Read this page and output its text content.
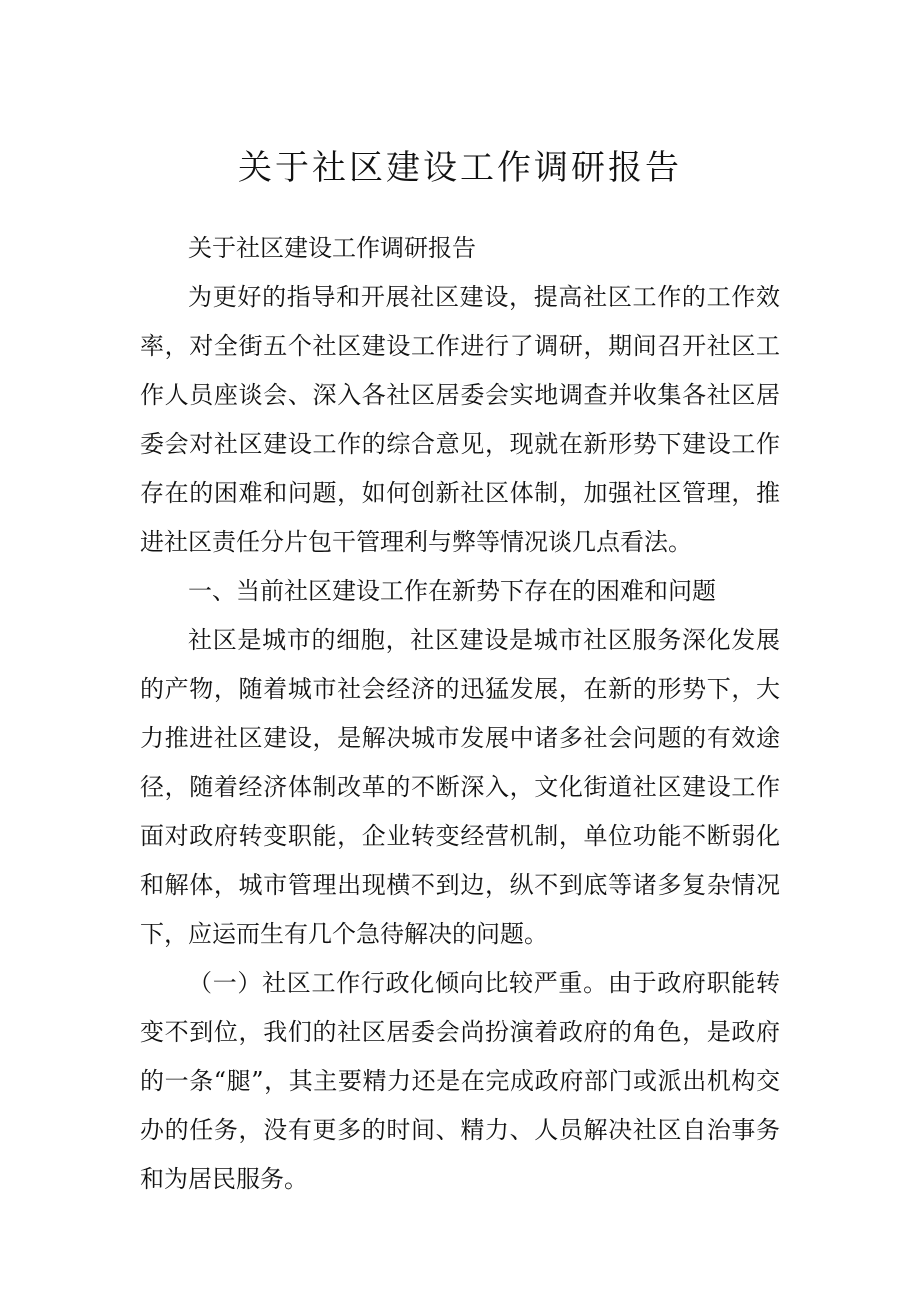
关于社区建设工作调研报告

关于社区建设工作调研报告

为更好的指导和开展社区建设，提高社区工作的工作效率，对全街五个社区建设工作进行了调研，期间召开社区工作人员座谈会、深入各社区居委会实地调查并收集各社区居委会对社区建设工作的综合意见，现就在新形势下建设工作存在的困难和问题，如何创新社区体制，加强社区管理，推进社区责任分片包干管理利与弊等情况谈几点看法。

一、当前社区建设工作在新势下存在的困难和问题

社区是城市的细胞，社区建设是城市社区服务深化发展的产物，随着城市社会经济的迅猛发展，在新的形势下，大力推进社区建设，是解决城市发展中诸多社会问题的有效途径，随着经济体制改革的不断深入，文化街道社区建设工作面对政府转变职能，企业转变经营机制，单位功能不断弱化和解体，城市管理出现横不到边，纵不到底等诸多复杂情况下，应运而生有几个急待解决的问题。

（一）社区工作行政化倾向比较严重。由于政府职能转变不到位，我们的社区居委会尚扮演着政府的角色，是政府的一条“腿”，其主要精力还是在完成政府部门或派出机构交办的任务，没有更多的时间、精力、人员解决社区自治事务和为居民服务。
